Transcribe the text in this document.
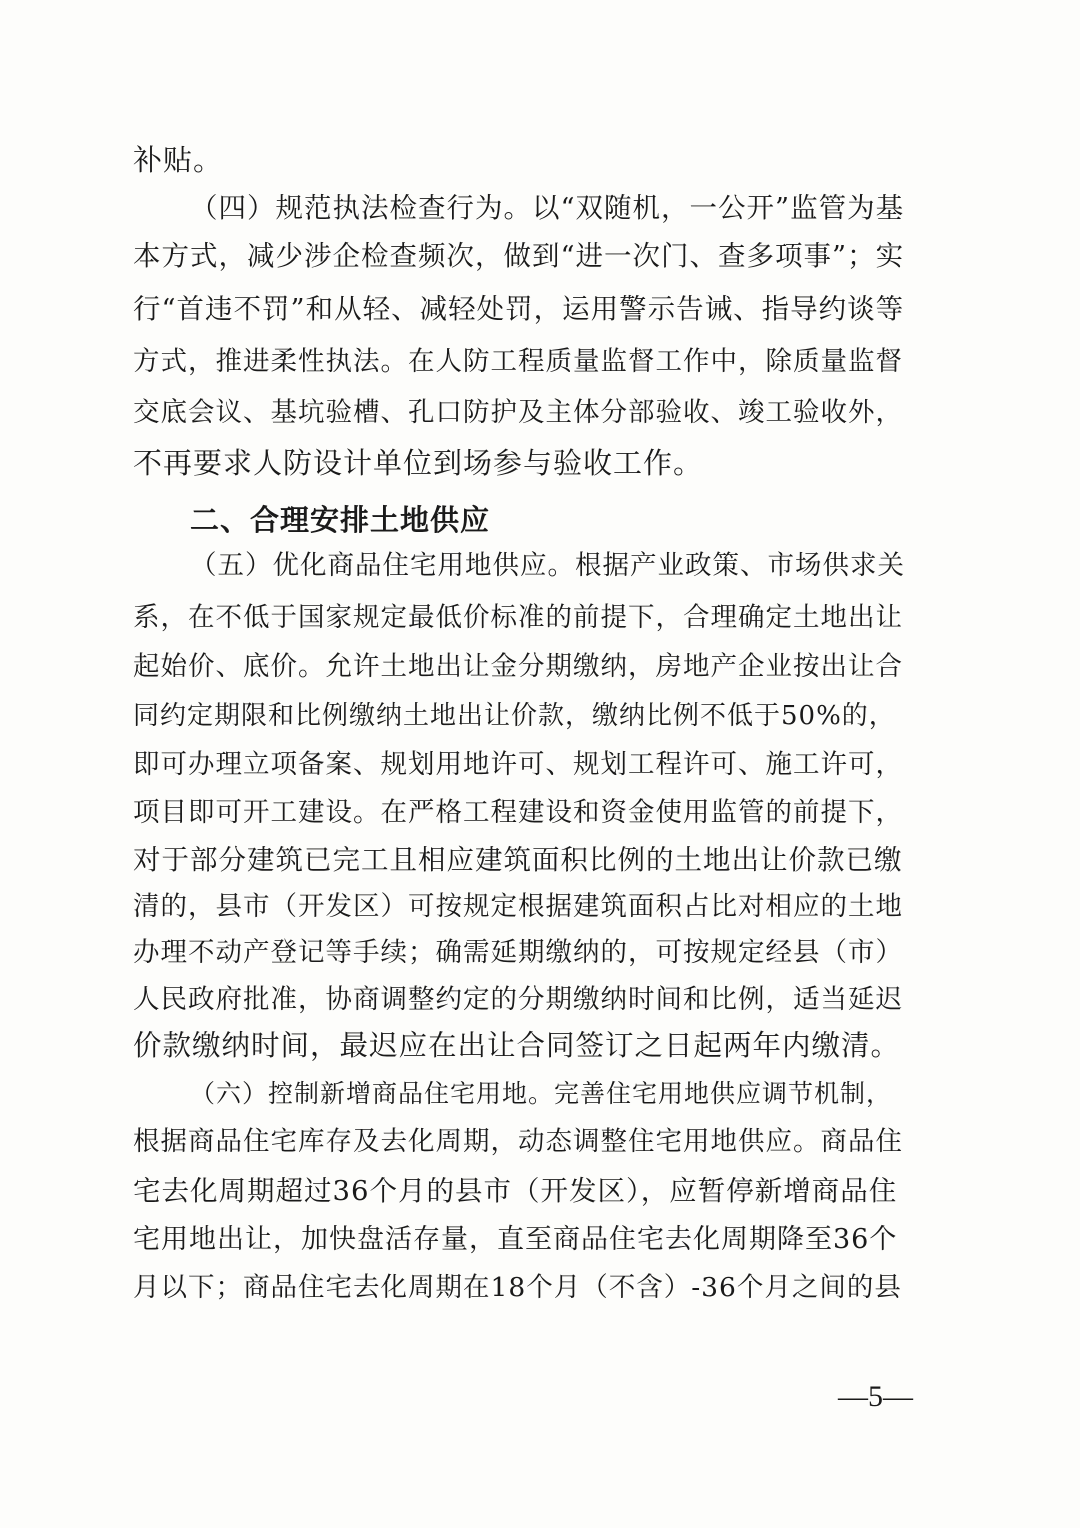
补贴。
（四）规范执法检查行为。以“双随机，一公开”监管为基
本方式，减少涉企检查频次，做到“进一次门、查多项事”；实
行“首违不罚”和从轻、减轻处罚，运用警示告诫、指导约谈等
方式，推进柔性执法。在人防工程质量监督工作中，除质量监督
交底会议、基坑验槽、孔口防护及主体分部验收、竣工验收外，
不再要求人防设计单位到场参与验收工作。
二、合理安排土地供应
（五）优化商品住宅用地供应。根据产业政策、市场供求关
系，在不低于国家规定最低价标准的前提下，合理确定土地出让
起始价、底价。允许土地出让金分期缴纳，房地产企业按出让合
同约定期限和比例缴纳土地出让价款，缴纳比例不低于50%的，
即可办理立项备案、规划用地许可、规划工程许可、施工许可，
项目即可开工建设。在严格工程建设和资金使用监管的前提下，
对于部分建筑已完工且相应建筑面积比例的土地出让价款已缴
清的，县市（开发区）可按规定根据建筑面积占比对相应的土地
办理不动产登记等手续；确需延期缴纳的，可按规定经县（市）
人民政府批准，协商调整约定的分期缴纳时间和比例，适当延迟
价款缴纳时间，最迟应在出让合同签订之日起两年内缴清。
（六）控制新增商品住宅用地。完善住宅用地供应调节机制，
根据商品住宅库存及去化周期，动态调整住宅用地供应。商品住
宅去化周期超过36个月的县市（开发区），应暂停新增商品住
宅用地出让，加快盘活存量，直至商品住宅去化周期降至36个
月以下；商品住宅去化周期在18个月（不含）-36个月之间的县
—5—
